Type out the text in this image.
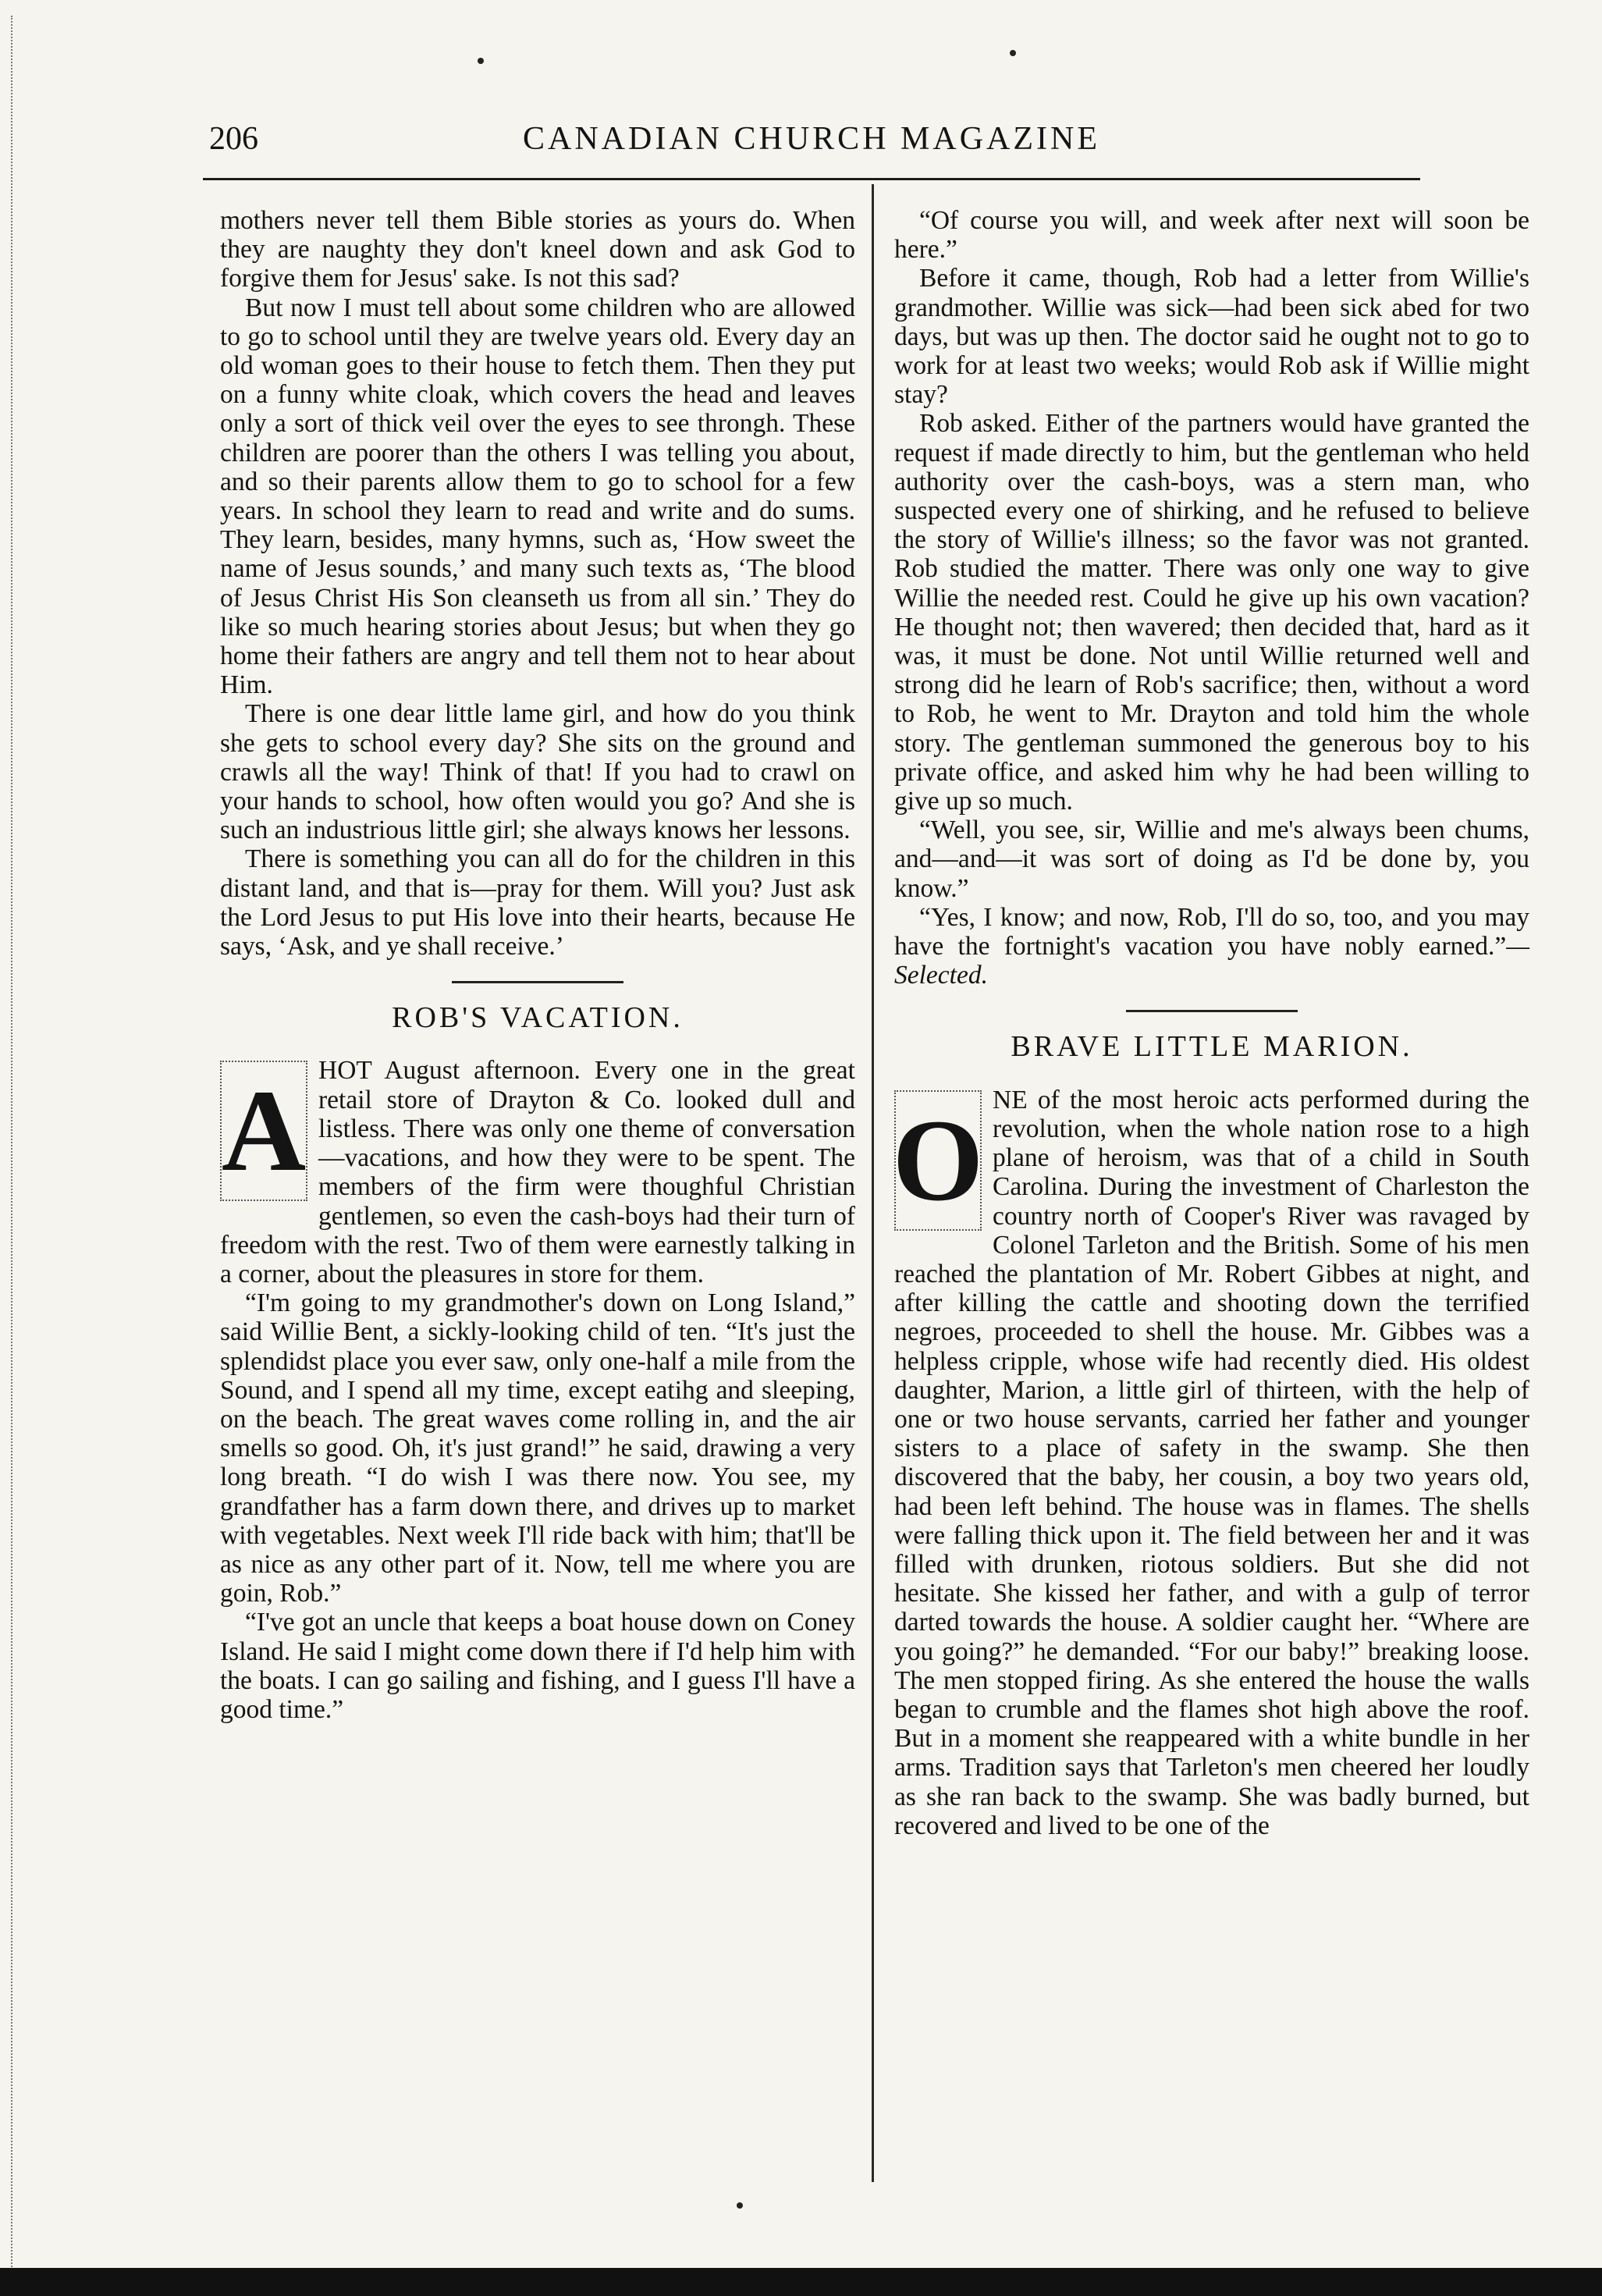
206	CANADIAN CHURCH MAGAZINE

mothers never tell them Bible stories as yours do. When they are naughty they don't kneel down and ask God to forgive them for Jesus' sake. Is not this sad?

But now I must tell about some children who are allowed to go to school until they are twelve years old. Every day an old woman goes to their house to fetch them. Then they put on a funny white cloak, which covers the head and leaves only a sort of thick veil over the eyes to see throngh. These children are poorer than the others I was telling you about, and so their parents allow them to go to school for a few years. In school they learn to read and write and do sums. They learn, besides, many hymns, such as, ‘How sweet the name of Jesus sounds,’ and many such texts as, ‘The blood of Jesus Christ His Son cleanseth us from all sin.’ They do like so much hearing stories about Jesus; but when they go home their fathers are angry and tell them not to hear about Him.

There is one dear little lame girl, and how do you think she gets to school every day? She sits on the ground and crawls all the way! Think of that! If you had to crawl on your hands to school, how often would you go? And she is such an industrious little girl; she always knows her lessons.

There is something you can all do for the children in this distant land, and that is—pray for them. Will you? Just ask the Lord Jesus to put His love into their hearts, because He says, ‘Ask, and ye shall receive.’

ROB'S VACATION.

A HOT August afternoon. Every one in the great retail store of Drayton & Co. looked dull and listless. There was only one theme of conversation—vacations, and how they were to be spent. The members of the firm were thoughful Christian gentlemen, so even the cash-boys had their turn of freedom with the rest. Two of them were earnestly talking in a corner, about the pleasures in store for them.

“I'm going to my grandmother's down on Long Island,” said Willie Bent, a sickly-looking child of ten. “It's just the splendidst place you ever saw, only one-half a mile from the Sound, and I spend all my time, except eatihg and sleeping, on the beach. The great waves come rolling in, and the air smells so good. Oh, it's just grand!” he said, drawing a very long breath. “I do wish I was there now. You see, my grandfather has a farm down there, and drives up to market with vegetables. Next week I'll ride back with him; that'll be as nice as any other part of it. Now, tell me where you are goin, Rob.”

“I've got an uncle that keeps a boat house down on Coney Island. He said I might come down there if I'd help him with the boats. I can go sailing and fishing, and I guess I'll have a good time.”

“Of course you will, and week after next will soon be here.”

Before it came, though, Rob had a letter from Willie's grandmother. Willie was sick—had been sick abed for two days, but was up then. The doctor said he ought not to go to work for at least two weeks; would Rob ask if Willie might stay?

Rob asked. Either of the partners would have granted the request if made directly to him, but the gentleman who held authority over the cash-boys, was a stern man, who suspected every one of shirking, and he refused to believe the story of Willie's illness; so the favor was not granted. Rob studied the matter. There was only one way to give Willie the needed rest. Could he give up his own vacation? He thought not; then wavered; then decided that, hard as it was, it must be done. Not until Willie returned well and strong did he learn of Rob's sacrifice; then, without a word to Rob, he went to Mr. Drayton and told him the whole story. The gentleman summoned the generous boy to his private office, and asked him why he had been willing to give up so much.

“Well, you see, sir, Willie and me's always been chums, and—and—it was sort of doing as I'd be done by, you know.”

“Yes, I know; and now, Rob, I'll do so, too, and you may have the fortnight's vacation you have nobly earned.”—Selected.

BRAVE LITTLE MARION.

O NE of the most heroic acts performed during the revolution, when the whole nation rose to a high plane of heroism, was that of a child in South Carolina. During the investment of Charleston the country north of Cooper's River was ravaged by Colonel Tarleton and the British. Some of his men reached the plantation of Mr. Robert Gibbes at night, and after killing the cattle and shooting down the terrified negroes, proceeded to shell the house. Mr. Gibbes was a helpless cripple, whose wife had recently died. His oldest daughter, Marion, a little girl of thirteen, with the help of one or two house servants, carried her father and younger sisters to a place of safety in the swamp. She then discovered that the baby, her cousin, a boy two years old, had been left behind. The house was in flames. The shells were falling thick upon it. The field between her and it was filled with drunken, riotous soldiers. But she did not hesitate. She kissed her father, and with a gulp of terror darted towards the house. A soldier caught her. “Where are you going?” he demanded. “For our baby!” breaking loose. The men stopped firing. As she entered the house the walls began to crumble and the flames shot high above the roof. But in a moment she reappeared with a white bundle in her arms. Tradition says that Tarleton's men cheered her loudly as she ran back to the swamp. She was badly burned, but recovered and lived to be one of the
